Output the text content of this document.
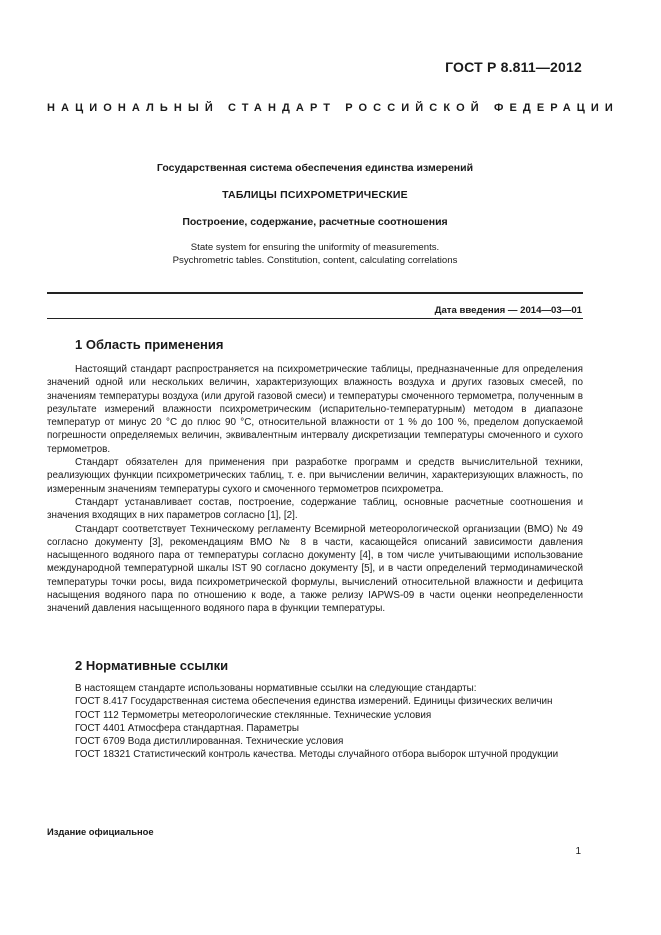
ГОСТ Р 8.811—2012
НАЦИОНАЛЬНЫЙ СТАНДАРТ РОССИЙСКОЙ ФЕДЕРАЦИИ
Государственная система обеспечения единства измерений
ТАБЛИЦЫ ПСИХРОМЕТРИЧЕСКИЕ
Построение, содержание, расчетные соотношения
State system for ensuring the uniformity of measurements.
Psychrometric tables. Constitution, content, calculating correlations
Дата введения — 2014—03—01
1 Область применения

Настоящий стандарт распространяется на психрометрические таблицы, предназначенные для определения значений одной или нескольких величин, характеризующих влажность воздуха и других газовых смесей, по значениям температуры воздуха (или другой газовой смеси) и температуры смоченного термометра, полученным в результате измерений влажности психрометрическим (испарительно-температурным) методом в диапазоне температур от минус 20 °С до плюс 90 °С, относительной влажности от 1 % до 100 %, пределом допускаемой погрешности определяемых величин, эквивалентным интервалу дискретизации температуры смоченного и сухого термометров.

Стандарт обязателен для применения при разработке программ и средств вычислительной техники, реализующих функции психрометрических таблиц, т. е. при вычислении величин, характеризующих влажность, по измеренным значениям температуры сухого и смоченного термометров психрометра.

Стандарт устанавливает состав, построение, содержание таблиц, основные расчетные соотношения и значения входящих в них параметров согласно [1], [2].

Стандарт соответствует Техническому регламенту Всемирной метеорологической организации (ВМО) № 49 согласно документу [3], рекомендациям ВМО № 8 в части, касающейся описаний зависимости давления насыщенного водяного пара от температуры согласно документу [4], в том числе учитывающими использование международной температурной шкалы IST 90 согласно документу [5], и в части определений термодинамической температуры точки росы, вида психрометрической формулы, вычислений относительной влажности и дефицита насыщения водяного пара по отношению к воде, а также релизу IAPWS-09 в части оценки неопределенности значений давления насыщенного водяного пара в функции температуры.

2 Нормативные ссылки

В настоящем стандарте использованы нормативные ссылки на следующие стандарты:

ГОСТ 8.417 Государственная система обеспечения единства измерений. Единицы физических величин

ГОСТ 112 Термометры метеорологические стеклянные. Технические условия

ГОСТ 4401 Атмосфера стандартная. Параметры

ГОСТ 6709 Вода дистиллированная. Технические условия

ГОСТ 18321 Статистический контроль качества. Методы случайного отбора выборок штучной продукции

Издание официальное
1
